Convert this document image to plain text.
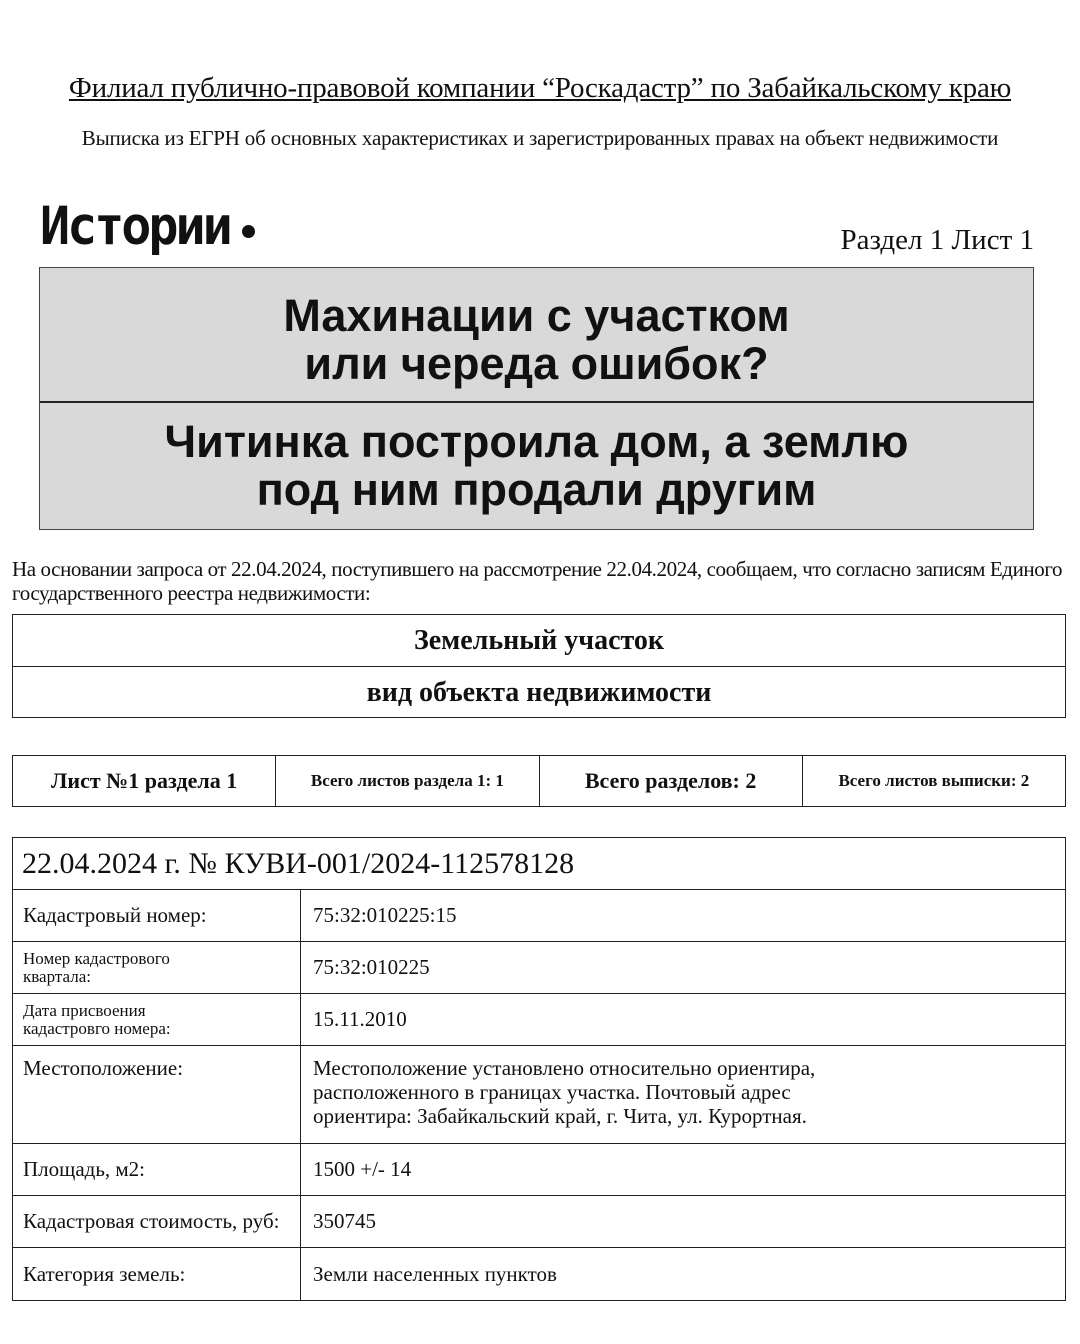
Филиал публично-правовой компании “Роскадастр” по Забайкальскому краю
Выписка из ЕГРН об основных характеристиках и зарегистрированных правах на объект недвижимости
Истории	Раздел 1 Лист 1
Махинации с участком
или череда ошибок?
Читинка построила дом, а землю
под ним продали другим
На основании запроса от 22.04.2024, поступившего на рассмотрение 22.04.2024, сообщаем, что согласно записям Единого государственного реестра недвижимости:
Земельный участок
вид объекта недвижимости
Лист №1 раздела 1	Всего листов раздела 1: 1	Всего разделов: 2	Всего листов выписки: 2
22.04.2024 г. № КУВИ-001/2024-112578128
Кадастровый номер:	75:32:010225:15
Номер кадастрового
квартала:	75:32:010225
Дата присвоения
кадастровго номера:	15.11.2010
Местоположение:	Местоположение установлено относительно ориентира,
расположенного в границах участка. Почтовый адрес
ориентира: Забайкальский край, г. Чита, ул. Курортная.
Площадь, м2:	1500 +/- 14
Кадастровая стоимость, руб:	350745
Категория земель:	Земли населенных пунктов
